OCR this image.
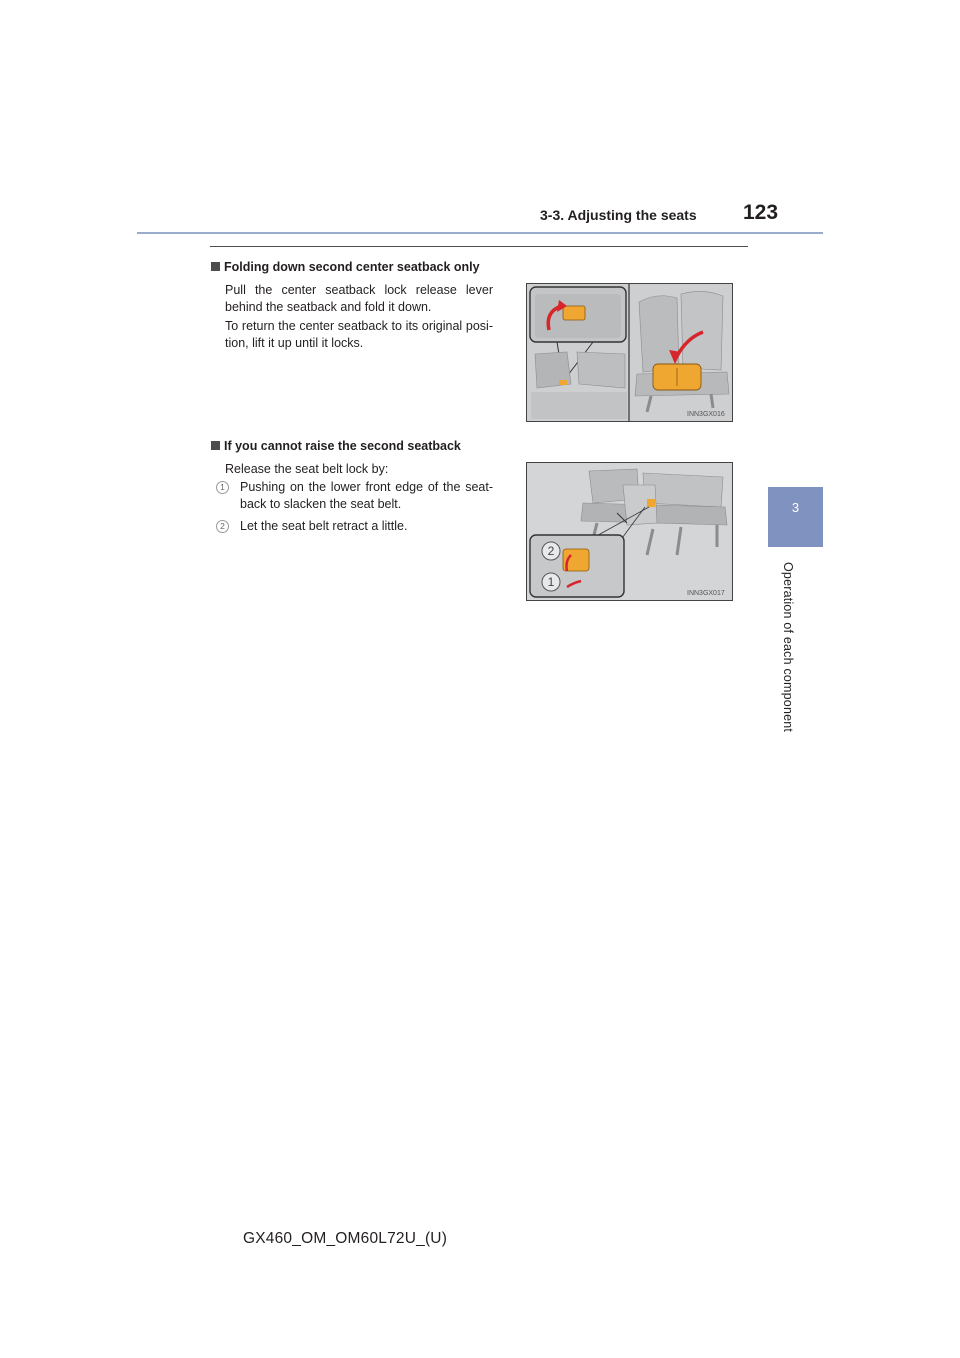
3-3. Adjusting the seats 123
3
Operation of each component
Folding down second center seatback only
Pull the center seatback lock release lever behind the seatback and fold it down.
To return the center seatback to its original posi- tion, lift it up until it locks.
INN3GX016
If you cannot raise the second seatback
Release the seat belt lock by:
1	Pushing on the lower front edge of the seat- back to slacken the seat belt.
2	Let the seat belt retract a little.
2
1
INN3GX017
GX460_OM_OM60L72U_(U)
